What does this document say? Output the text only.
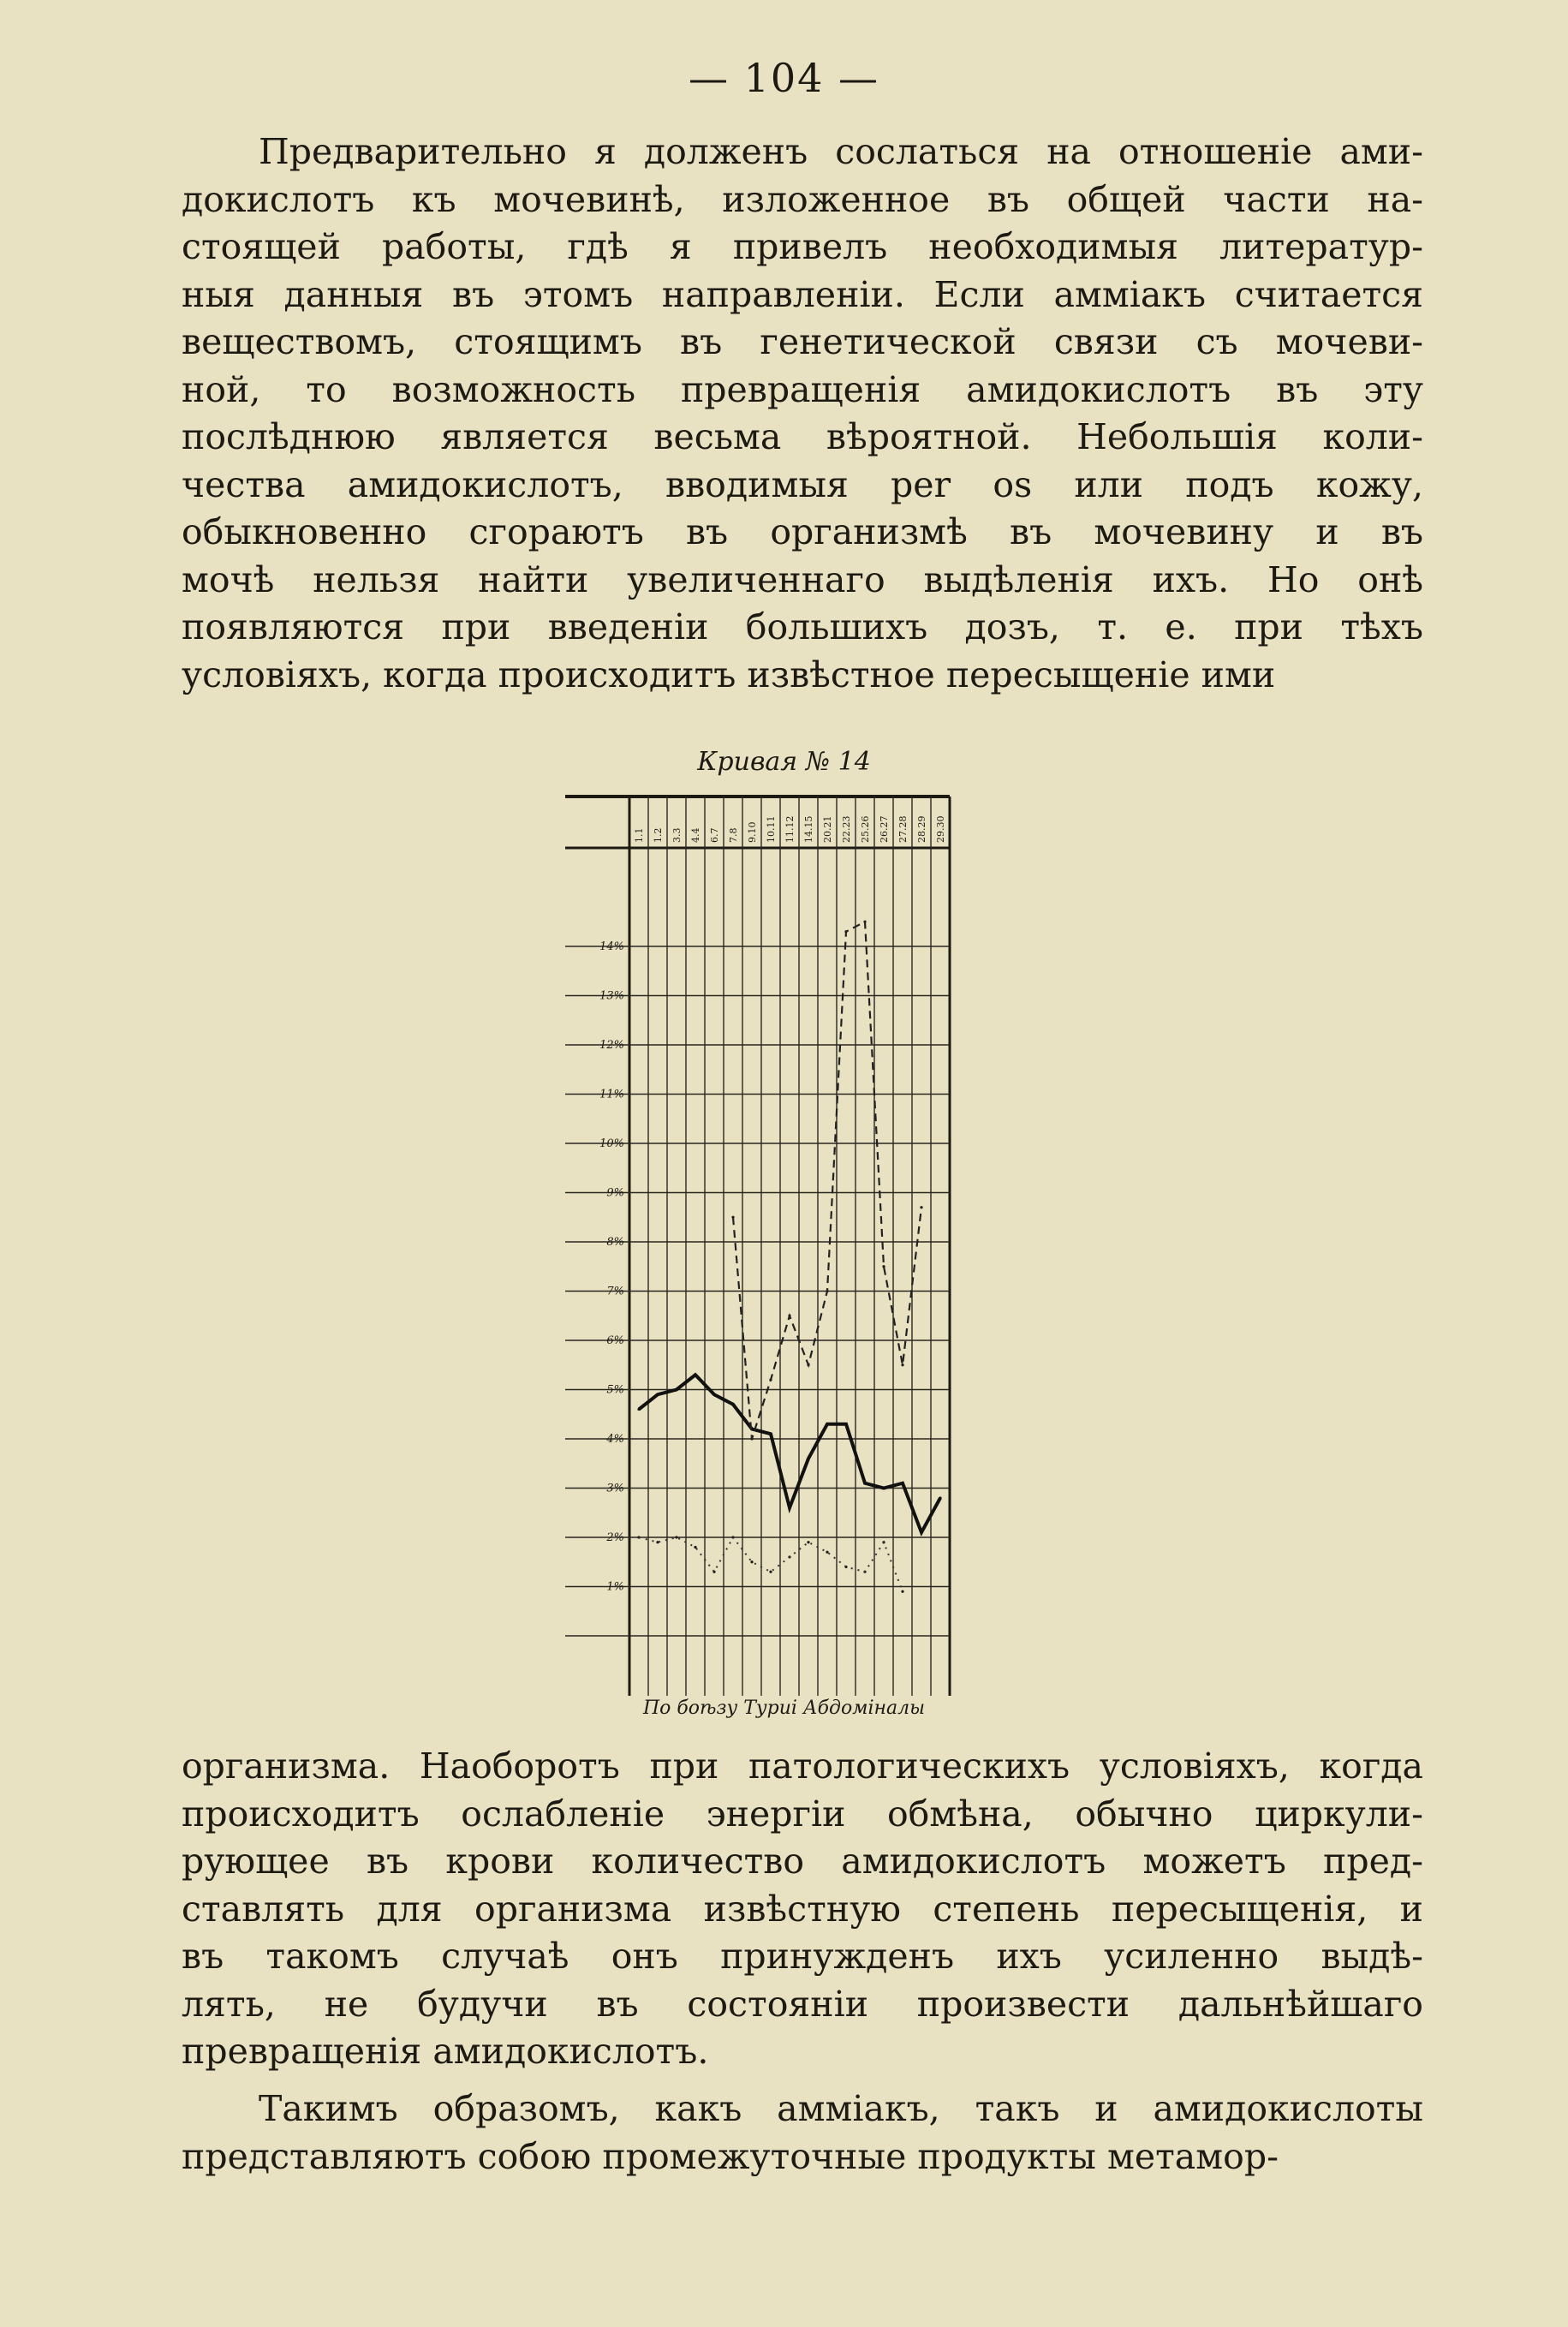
— 104 —
Предварительно я долженъ сослаться на отношеніе ами-
докислотъ къ мочевинѣ, изложенное въ общей части на-
стоящей работы, гдѣ я привелъ необходимыя литератур-
ныя данныя въ этомъ направленіи. Если амміакъ считается
веществомъ, стоящимъ въ генетической связи съ мочеви-
ной, то возможность превращенія амидокислотъ въ эту
послѣднюю является весьма вѣроятной. Небольшія коли-
чества амидокислотъ, вводимыя per os или подъ кожу,
обыкновенно сгораютъ въ организмѣ въ мочевину и въ
мочѣ нельзя найти увеличеннаго выдѣленія ихъ. Но онѣ
появляются при введеніи большихъ дозъ, т. е. при тѣхъ
условіяхъ, когда происходитъ извѣстное пересыщеніе ими
Кривая № 14
1%
2%
3%
4%
5%
6%
7%
8%
9%
10%
11%
12%
13%
14%
1.1 1.2 3.3 4.4 6.7 7.8 9.10 10.11 11.12 14.15 20.21 22.23 25.26 26.27 27.28 28.29 29.30
По боѣзу Туриі Абдоміналы
организма. Наоборотъ при патологическихъ условіяхъ, когда
происходитъ ослабленіе энергіи обмѣна, обычно циркули-
рующее въ крови количество амидокислотъ можетъ пред-
ставлять для организма извѣстную степень пересыщенія, и
въ такомъ случаѣ онъ принужденъ ихъ усиленно выдѣ-
лять, не будучи въ состояніи произвести дальнѣйшаго
превращенія амидокислотъ.
Такимъ образомъ, какъ амміакъ, такъ и амидокислоты
представляютъ собою промежуточные продукты метамор-
